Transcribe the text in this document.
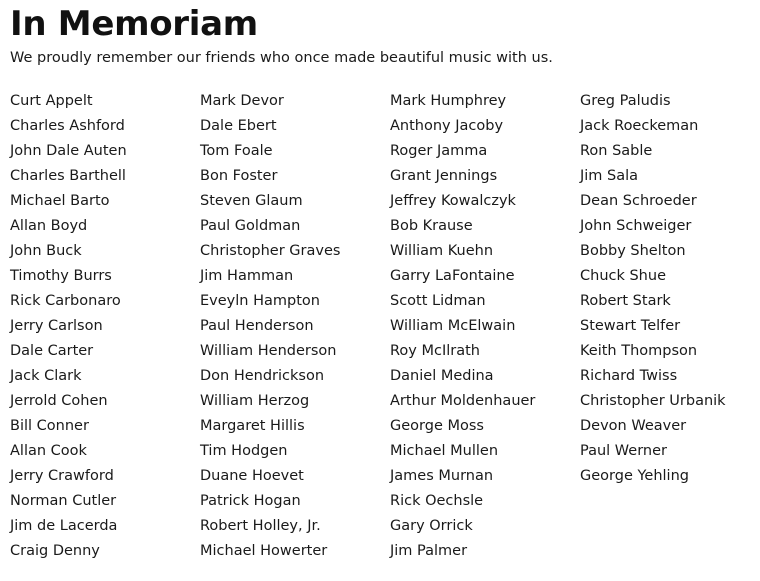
In Memoriam

We proudly remember our friends who once made beautiful music with us.

Curt Appelt
Charles Ashford
John Dale Auten
Charles Barthell
Michael Barto
Allan Boyd
John Buck
Timothy Burrs
Rick Carbonaro
Jerry Carlson
Dale Carter
Jack Clark
Jerrold Cohen
Bill Conner
Allan Cook
Jerry Crawford
Norman Cutler
Jim de Lacerda
Craig Denny
Mark Devor
Dale Ebert
Tom Foale
Bon Foster
Steven Glaum
Paul Goldman
Christopher Graves
Jim Hamman
Eveyln Hampton
Paul Henderson
William Henderson
Don Hendrickson
William Herzog
Margaret Hillis
Tim Hodgen
Duane Hoevet
Patrick Hogan
Robert Holley, Jr.
Michael Howerter
Mark Humphrey
Anthony Jacoby
Roger Jamma
Grant Jennings
Jeffrey Kowalczyk
Bob Krause
William Kuehn
Garry LaFontaine
Scott Lidman
William McElwain
Roy McIlrath
Daniel Medina
Arthur Moldenhauer
George Moss
Michael Mullen
James Murnan
Rick Oechsle
Gary Orrick
Jim Palmer
Greg Paludis
Jack Roeckeman
Ron Sable
Jim Sala
Dean Schroeder
John Schweiger
Bobby Shelton
Chuck Shue
Robert Stark
Stewart Telfer
Keith Thompson
Richard Twiss
Christopher Urbanik
Devon Weaver
Paul Werner
George Yehling
